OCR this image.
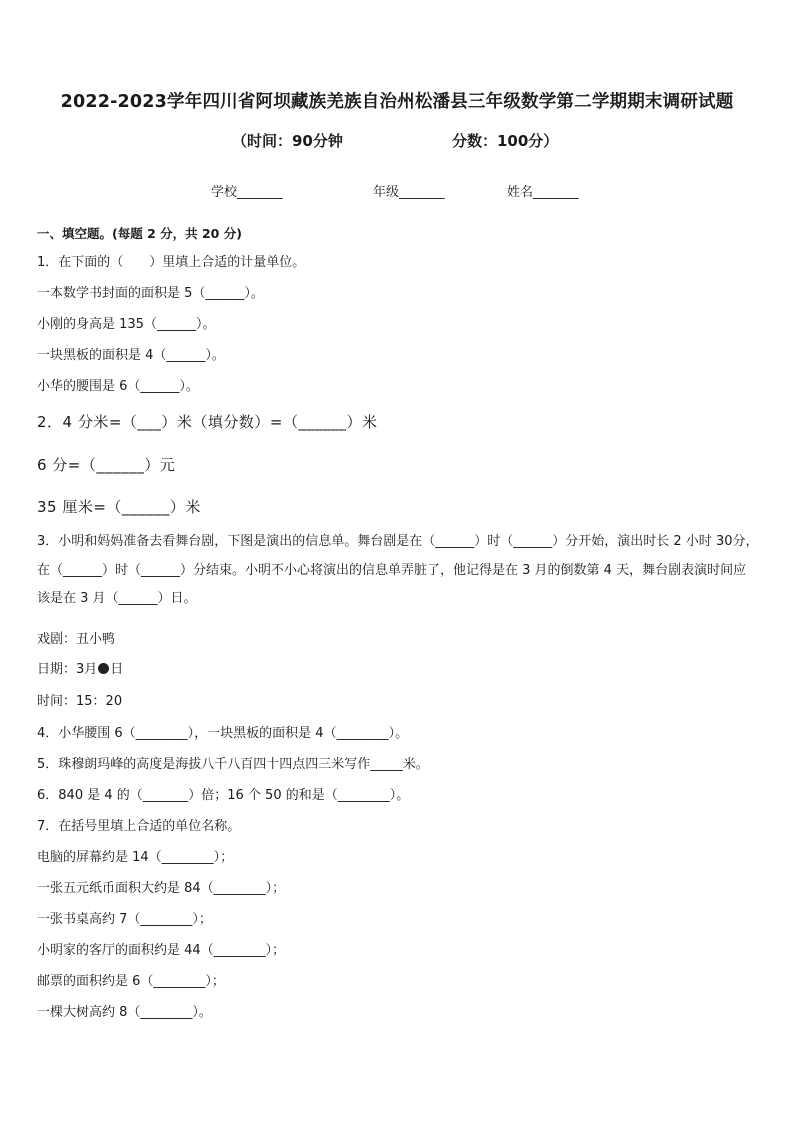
2022-2023学年四川省阿坝藏族羌族自治州松潘县三年级数学第二学期期末调研试题
（时间：90分钟	分数：100分）
学校_______	年级_______	姓名_______
一、填空题。(每题 2 分，共 20 分)
1．在下面的（　　）里填上合适的计量单位。
一本数学书封面的面积是 5（______）。
小刚的身高是 135（______）。
一块黑板的面积是 4（______）。
小华的腰围是 6（______）。
2．4 分米=（___）米（填分数）=（______）米
6 分=（______）元
35 厘米=（______）米
3．小明和妈妈准备去看舞台剧，下图是演出的信息单。舞台剧是在（______）时（______）分开始，演出时长 2 小时 30分，在（______）时（______）分结束。小明不小心将演出的信息单弄脏了，他记得是在 3 月的倒数第 4 天，舞台剧表演时间应该是在 3 月（______）日。
戏剧：丑小鸭
日期：3月 日
时间：15：20
4．小华腰围 6（________），一块黑板的面积是 4（________）。
5．珠穆朗玛峰的高度是海拔八千八百四十四点四三米写作_____米。
6．840 是 4 的（_______）倍；16 个 50 的和是（________）。
7．在括号里填上合适的单位名称。
电脑的屏幕约是 14（________）；
一张五元纸币面积大约是 84（________）；
一张书桌高约 7（________）；
小明家的客厅的面积约是 44（________）；
邮票的面积约是 6（________）；
一棵大树高约 8（________）。
